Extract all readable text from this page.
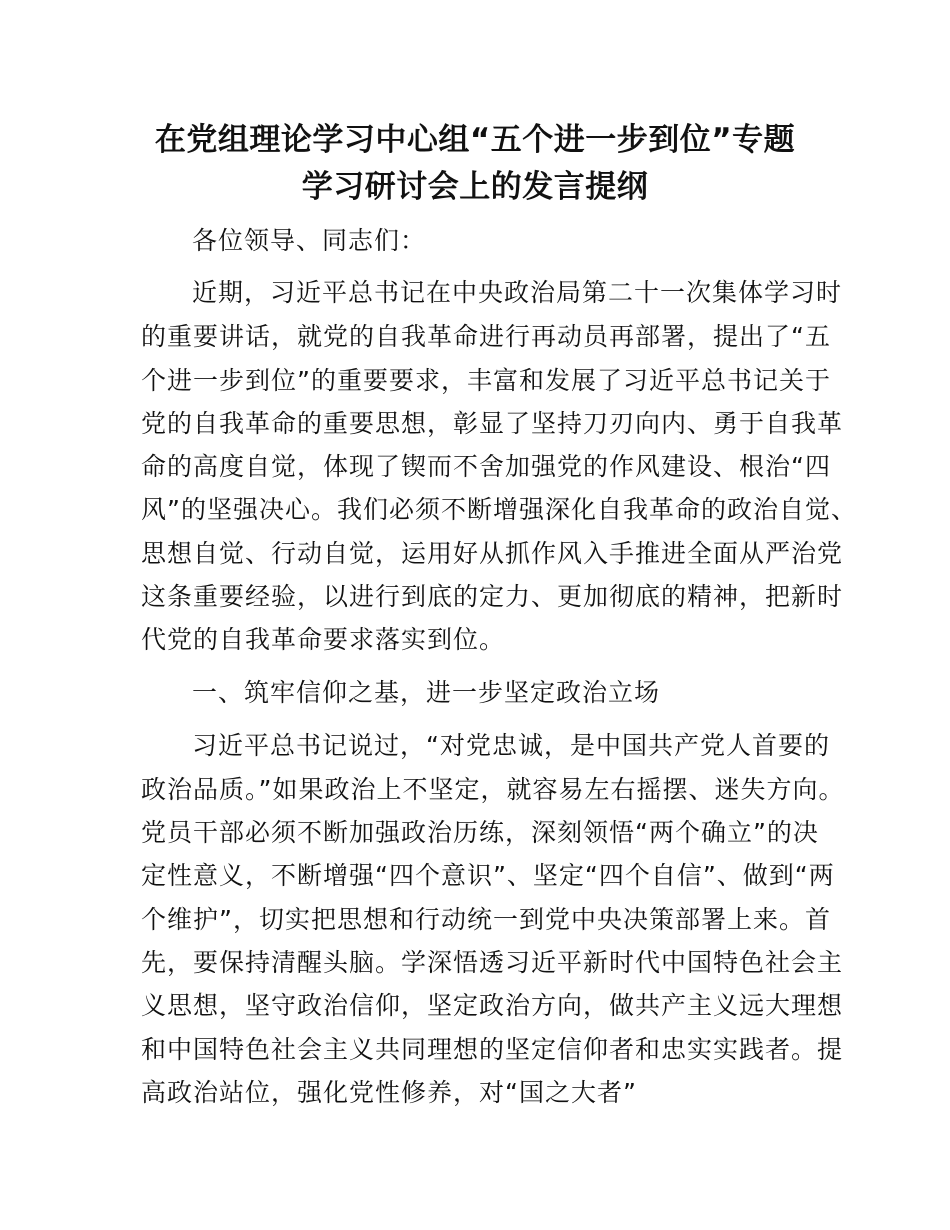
在党组理论学习中心组“五个进一步到位”专题
学习研讨会上的发言提纲
各位领导、同志们：
近期，习近平总书记在中央政治局第二十一次集体学习时
的重要讲话，就党的自我革命进行再动员再部署，提出了“五
个进一步到位”的重要要求，丰富和发展了习近平总书记关于
党的自我革命的重要思想，彰显了坚持刀刃向内、勇于自我革
命的高度自觉，体现了锲而不舍加强党的作风建设、根治“四
风”的坚强决心。我们必须不断增强深化自我革命的政治自觉、
思想自觉、行动自觉，运用好从抓作风入手推进全面从严治党
这条重要经验，以进行到底的定力、更加彻底的精神，把新时
代党的自我革命要求落实到位。
一、筑牢信仰之基，进一步坚定政治立场
习近平总书记说过，“对党忠诚，是中国共产党人首要的
政治品质。”如果政治上不坚定，就容易左右摇摆、迷失方向。
党员干部必须不断加强政治历练，深刻领悟“两个确立”的决
定性意义，不断增强“四个意识”、坚定“四个自信”、做到“两
个维护”，切实把思想和行动统一到党中央决策部署上来。首
先，要保持清醒头脑。学深悟透习近平新时代中国特色社会主
义思想，坚守政治信仰，坚定政治方向，做共产主义远大理想
和中国特色社会主义共同理想的坚定信仰者和忠实实践者。提
高政治站位，强化党性修养，对“国之大者”
